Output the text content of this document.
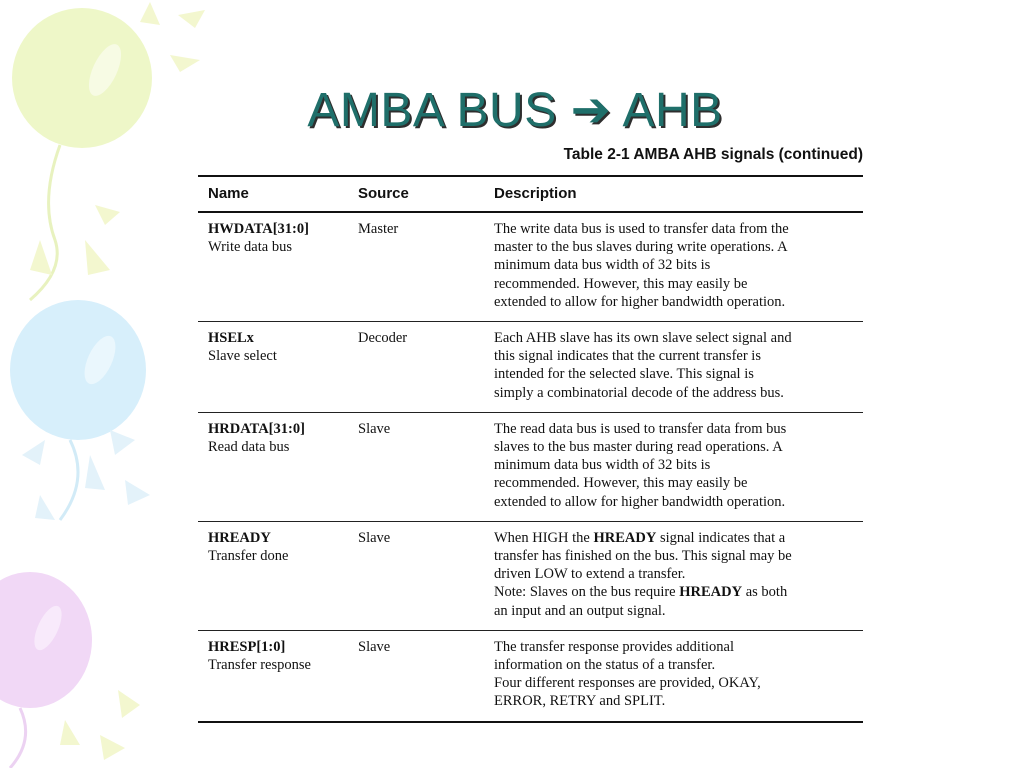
AMBA BUS ➔ AHB
Table 2-1 AMBA AHB signals (continued)
Name	Source	Description

HWDATA[31:0]
Write data bus	Master	The write data bus is used to transfer data from the
master to the bus slaves during write operations. A
minimum data bus width of 32 bits is
recommended. However, this may easily be
extended to allow for higher bandwidth operation.

HSELx
Slave select	Decoder	Each AHB slave has its own slave select signal and
this signal indicates that the current transfer is
intended for the selected slave. This signal is
simply a combinatorial decode of the address bus.

HRDATA[31:0]
Read data bus	Slave	The read data bus is used to transfer data from bus
slaves to the bus master during read operations. A
minimum data bus width of 32 bits is
recommended. However, this may easily be
extended to allow for higher bandwidth operation.

HREADY
Transfer done	Slave	When HIGH the HREADY signal indicates that a
transfer has finished on the bus. This signal may be
driven LOW to extend a transfer.
Note: Slaves on the bus require HREADY as both
an input and an output signal.

HRESP[1:0]
Transfer response	Slave	The transfer response provides additional
information on the status of a transfer.
Four different responses are provided, OKAY,
ERROR, RETRY and SPLIT.
